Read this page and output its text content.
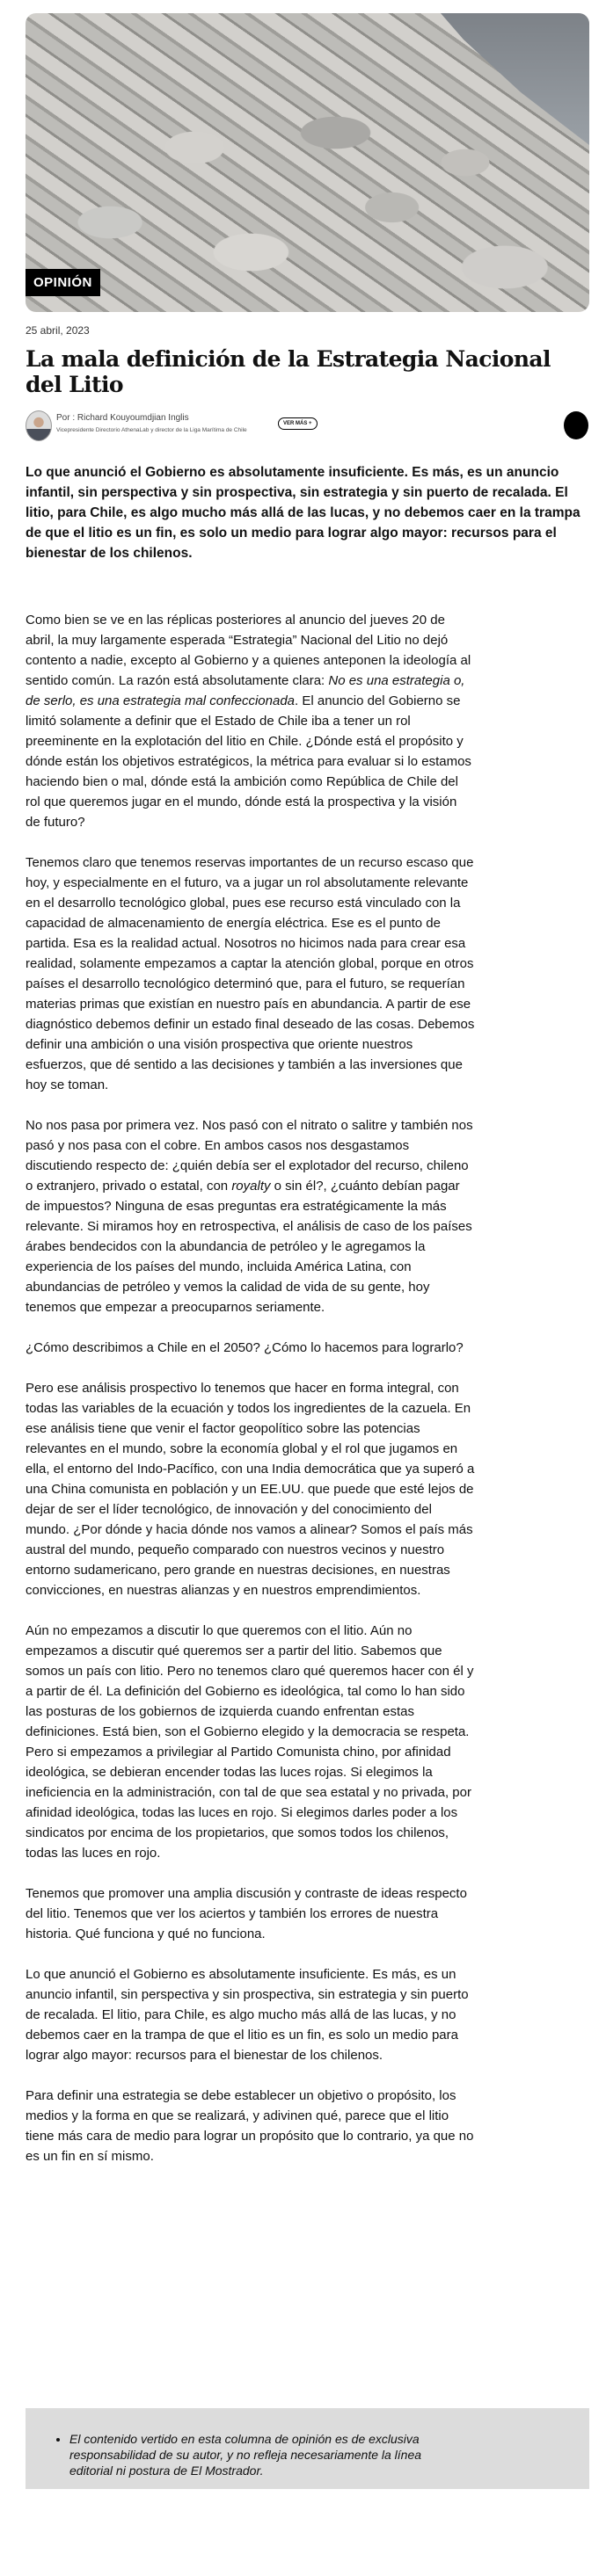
OPINIÓN
25 abril, 2023
La mala definición de la Estrategia Nacional del Litio
Por : Richard Kouyoumdjian Inglis
Vicepresidente Directorio AthenaLab y director de la Liga Marítima de Chile
VER MÁS +

Lo que anunció el Gobierno es absolutamente insuficiente. Es más, es un anuncio infantil, sin perspectiva y sin prospectiva, sin estrategia y sin puerto de recalada. El litio, para Chile, es algo mucho más allá de las lucas, y no debemos caer en la trampa de que el litio es un fin, es solo un medio para lograr algo mayor: recursos para el bienestar de los chilenos.

Como bien se ve en las réplicas posteriores al anuncio del jueves 20 de abril, la muy largamente esperada “Estrategia” Nacional del Litio no dejó contento a nadie, excepto al Gobierno y a quienes anteponen la ideología al sentido común. La razón está absolutamente clara: No es una estrategia o, de serlo, es una estrategia mal confeccionada. El anuncio del Gobierno se limitó solamente a definir que el Estado de Chile iba a tener un rol preeminente en la explotación del litio en Chile. ¿Dónde está el propósito y dónde están los objetivos estratégicos, la métrica para evaluar si lo estamos haciendo bien o mal, dónde está la ambición como República de Chile del rol que queremos jugar en el mundo, dónde está la prospectiva y la visión de futuro?

Tenemos claro que tenemos reservas importantes de un recurso escaso que hoy, y especialmente en el futuro, va a jugar un rol absolutamente relevante en el desarrollo tecnológico global, pues ese recurso está vinculado con la capacidad de almacenamiento de energía eléctrica. Ese es el punto de partida. Esa es la realidad actual. Nosotros no hicimos nada para crear esa realidad, solamente empezamos a captar la atención global, porque en otros países el desarrollo tecnológico determinó que, para el futuro, se requerían materias primas que existían en nuestro país en abundancia. A partir de ese diagnóstico debemos definir un estado final deseado de las cosas. Debemos definir una ambición o una visión prospectiva que oriente nuestros esfuerzos, que dé sentido a las decisiones y también a las inversiones que hoy se toman.

No nos pasa por primera vez. Nos pasó con el nitrato o salitre y también nos pasó y nos pasa con el cobre. En ambos casos nos desgastamos discutiendo respecto de: ¿quién debía ser el explotador del recurso, chileno o extranjero, privado o estatal, con royalty o sin él?, ¿cuánto debían pagar de impuestos? Ninguna de esas preguntas era estratégicamente la más relevante. Si miramos hoy en retrospectiva, el análisis de caso de los países árabes bendecidos con la abundancia de petróleo y le agregamos la experiencia de los países del mundo, incluida América Latina, con abundancias de petróleo y vemos la calidad de vida de su gente, hoy tenemos que empezar a preocuparnos seriamente.

¿Cómo describimos a Chile en el 2050? ¿Cómo lo hacemos para lograrlo?

Pero ese análisis prospectivo lo tenemos que hacer en forma integral, con todas las variables de la ecuación y todos los ingredientes de la cazuela. En ese análisis tiene que venir el factor geopolítico sobre las potencias relevantes en el mundo, sobre la economía global y el rol que jugamos en ella, el entorno del Indo-Pacífico, con una India democrática que ya superó a una China comunista en población y un EE.UU. que puede que esté lejos de dejar de ser el líder tecnológico, de innovación y del conocimiento del mundo. ¿Por dónde y hacia dónde nos vamos a alinear? Somos el país más austral del mundo, pequeño comparado con nuestros vecinos y nuestro entorno sudamericano, pero grande en nuestras decisiones, en nuestras convicciones, en nuestras alianzas y en nuestros emprendimientos.

Aún no empezamos a discutir lo que queremos con el litio. Aún no empezamos a discutir qué queremos ser a partir del litio. Sabemos que somos un país con litio. Pero no tenemos claro qué queremos hacer con él y a partir de él. La definición del Gobierno es ideológica, tal como lo han sido las posturas de los gobiernos de izquierda cuando enfrentan estas definiciones. Está bien, son el Gobierno elegido y la democracia se respeta. Pero si empezamos a privilegiar al Partido Comunista chino, por afinidad ideológica, se debieran encender todas las luces rojas. Si elegimos la ineficiencia en la administración, con tal de que sea estatal y no privada, por afinidad ideológica, todas las luces en rojo. Si elegimos darles poder a los sindicatos por encima de los propietarios, que somos todos los chilenos, todas las luces en rojo.

Tenemos que promover una amplia discusión y contraste de ideas respecto del litio. Tenemos que ver los aciertos y también los errores de nuestra historia. Qué funciona y qué no funciona.

Lo que anunció el Gobierno es absolutamente insuficiente. Es más, es un anuncio infantil, sin perspectiva y sin prospectiva, sin estrategia y sin puerto de recalada. El litio, para Chile, es algo mucho más allá de las lucas, y no debemos caer en la trampa de que el litio es un fin, es solo un medio para lograr algo mayor: recursos para el bienestar de los chilenos.

Para definir una estrategia se debe establecer un objetivo o propósito, los medios y la forma en que se realizará, y adivinen qué, parece que el litio tiene más cara de medio para lograr un propósito que lo contrario, ya que no es un fin en sí mismo.

• El contenido vertido en esta columna de opinión es de exclusiva responsabilidad de su autor, y no refleja necesariamente la línea editorial ni postura de El Mostrador.
